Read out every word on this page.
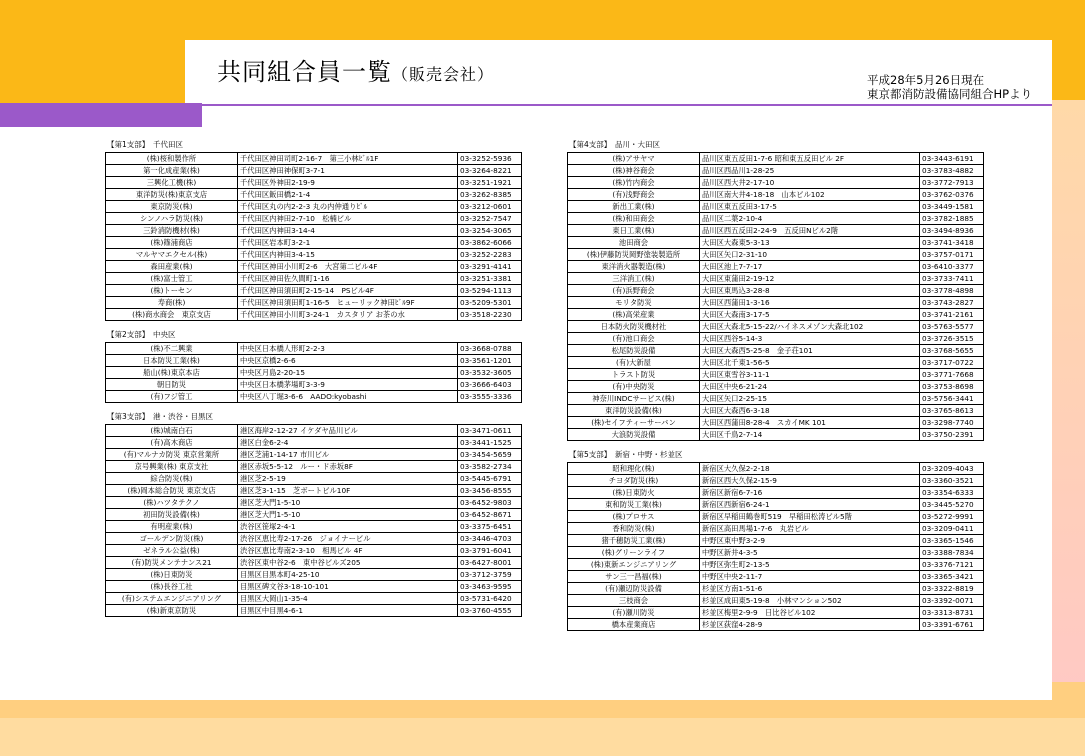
共同組合員一覧（販売会社）	平成28年5月26日現在
東京都消防設備協同組合HPより
【第1支部】　千代田区
(株)桜和製作所	千代田区神田司町2-16-7　第三小林ﾋﾞﾙ1F	03-3252-5936
第一化成産業(株)	千代田区神田神保町3-7-1	03-3264-8221
三興化工機(株)	千代田区外神田2-19-9	03-3251-1921
東洋防災(株)東京支店	千代田区飯田橋2-1-4	03-3262-8385
東京防災(株)	千代田区丸の内2-2-3 丸の内仲通りﾋﾞﾙ	03-3212-0601
シンノハラ防災(株)	千代田区内神田2-7-10　松楠ビル	03-3252-7547
三鈴消防機材(株)	千代田区内神田3-14-4	03-3254-3065
(株)篠浦商店	千代田区岩本町3-2-1	03-3862-6066
マルヤマエクセル(株)	千代田区内神田3-4-15	03-3252-2283
森田産業(株)	千代田区神田小川町2-6　大宮第二ビル4F	03-3291-4141
(株)富士管工	千代田区神田佐久間町1-16	03-3251-3381
(株)トーセン	千代田区神田須田町2-15-14　PSビル4F	03-5294-1113
寿商(株)	千代田区神田須田町1-16-5　ヒューリック神田ﾋﾞﾙ9F	03-5209-5301
(株)商水商会　東京支店	千代田区神田小川町3-24-1　カスタリア お茶の水	03-3518-2230
【第2支部】　中央区
(株)不二興業	中央区日本橋人形町2-2-3	03-3668-0788
日本防災工業(株)	中央区京橋2-6-6	03-3561-1201
船山(株)東京本店	中央区月島2-20-15	03-3532-3605
朝日防災	中央区日本橋茅場町3-3-9	03-3666-6403
(有)フジ管工	中央区八丁堀3-6-6　AADO:kyobashi	03-3555-3336
【第3支部】　港・渋谷・目黒区
(株)城南白石	港区海岸2-12-27 イケダヤ品川ビル	03-3471-0611
(有)高木商店	港区白金6-2-4	03-3441-1525
(有)マルナカ防災 東京営業所	港区芝浦1-14-17 市川ビル	03-3454-5659
京号興業(株) 東京支社	港区赤坂5-5-12　ルー・ド赤坂8F	03-3582-2734
綜合防災(株)	港区芝2-5-19	03-5445-6791
(株)岡本総合防災 東京支店	港区芝3-1-15　芝ボートビル10F	03-3456-8555
(株)ハツタテクノ	港区芝大門1-5-10	03-6452-9803
初田防災設備(株)	港区芝大門1-5-10	03-6452-8671
有明産業(株)	渋谷区笹塚2-4-1	03-3375-6451
ゴールデン防災(株)	渋谷区恵比寿2-17-26　ジョイナービル	03-3446-4703
ゼネラル公益(株)	渋谷区恵比寿南2-3-10　相馬ビル 4F	03-3791-6041
(有)防災メンテナンス21	渋谷区東中谷2-6　東中谷ビルズ205	03-6427-8001
(株)日東防災	目黒区目黒本町4-25-10	03-3712-3759
(株)長谷工社	目黒区碑文谷3-18-10-101	03-3463-9595
(有)システムエンジニアリング	目黒区大岡山1-35-4	03-5731-6420
(株)新東京防災	目黒区中目黒4-6-1	03-3760-4555
【第4支部】　品川・大田区
(株)アサヤマ	品川区東五反田1-7-6 昭和東五反田ビル 2F	03-3443-6191
(株)神谷商会	品川区西品川1-28-25	03-3783-4882
(株)竹内商会	品川区西大井2-17-10	03-3772-7913
(有)浅野商会	品川区南大井4-18-18　山本ビル102	03-3762-0376
新出工業(株)	品川区東五反田3-17-5	03-3449-1581
(株)和田商会	品川区二葉2-10-4	03-3782-1885
東日工業(株)	品川区西五反田2-24-9　五反田Nビル2階	03-3494-8936
池田商会	大田区大森東5-3-13	03-3741-3418
(株)伊藤防災岡野塗装製造所	大田区矢口2-31-10	03-3757-0171
東洋消火器製造(株)	大田区池上7-7-17	03-6410-3377
三洋消工(株)	大田区東蒲田2-19-12	03-3733-7411
(有)浜野商会	大田区東馬込3-28-8	03-3778-4898
モリタ防災	大田区西蒲田1-3-16	03-3743-2827
(株)高栄産業	大田区大森南3-17-5	03-3741-2161
日本防火防災機材社	大田区大森北5-15-22/ハイネスメゾン大森北102	03-5763-5577
(有)池口商会	大田区西谷5-14-3	03-3726-3515
松尾防災設備	大田区大森西5-25-8　金子荘101	03-3768-5655
(有)大新屋	大田区北千東1-56-5	03-3717-0722
トラスト防災	大田区東雪谷3-11-1	03-3771-7668
(有)中央防災	大田区中央6-21-24	03-3753-8698
神奈川INDCサービス(株)	大田区矢口2-25-15	03-5756-3441
東洋防災設備(株)	大田区大森西6-3-18	03-3765-8613
(株)セイフティーサーバン	大田区西蒲田8-28-4　スカイMK 101	03-3298-7740
大浪防災設備	大田区千鳥2-7-14	03-3750-2391
【第5支部】　新宿・中野・杉並区
昭和理化(株)	新宿区大久保2-2-18	03-3209-4043
チヨダ防災(株)	新宿区西大久保2-15-9	03-3360-3521
(株)日東防火	新宿区新宿6-7-16	03-3354-6333
東和防災工業(株)	新宿区西新宿6-24-1	03-3445-5270
(株)プロサス	新宿区早稲田鶴巻町519　早稲田松涛ビル5階	03-5272-9991
香和防災(株)	新宿区高田馬場1-7-6　丸岩ビル	03-3209-0411
猪千穂防災工業(株)	中野区東中野3-2-9	03-3365-1546
(株)グリーンライフ	中野区新井4-3-5	03-3388-7834
(株)東新エンジニアリング	中野区弥生町2-13-5	03-3376-7121
サン三一昌福(株)	中野区中央2-11-7	03-3365-3421
(有)瀬辺防災設備	杉並区方南1-51-6	03-3322-8819
三枝商会	杉並区成田東5-19-8　小林マンション502	03-3392-0071
(有)瀬川防災	杉並区梅里2-9-9　日比谷ビル102	03-3313-8731
橋本産業商店	杉並区荻窪4-28-9	03-3391-6761
